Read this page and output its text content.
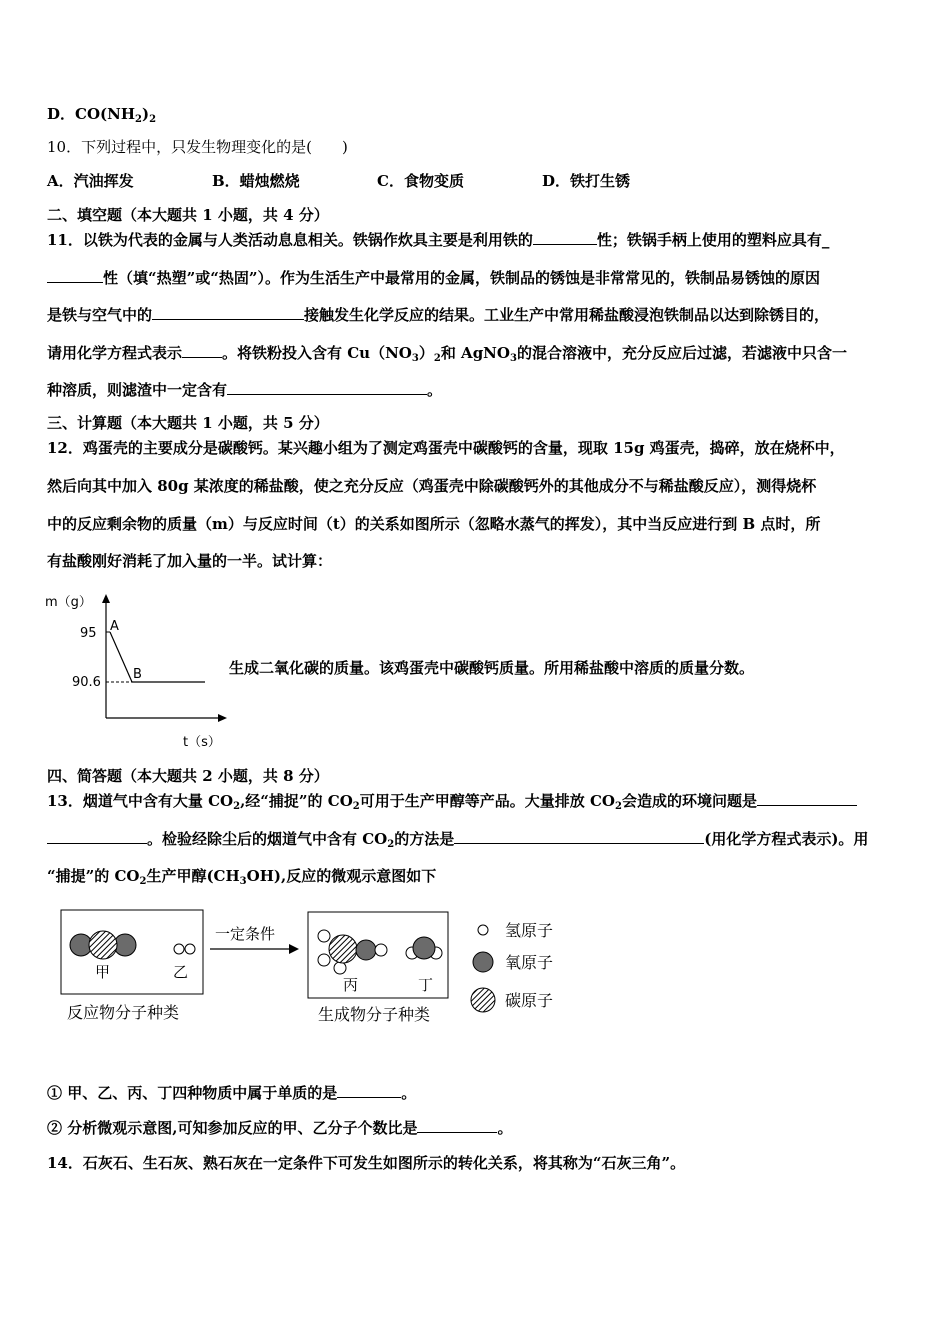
D．$CO(NH_2)_2$
10．下列过程中，只发生物理变化的是(　　)
A．汽油挥发	B．蜡烛燃烧	C．食物变质	D．铁打生锈
二、填空题（本大题共 1 小题，共 4 分）
11．以铁为代表的金属与人类活动息息相关。铁锅作炊具主要是利用铁的	性；铁锅手柄上使用的塑料应具有_
性（填“热塑”或“热固”）。作为生活生产中最常用的金属，铁制品的锈蚀是非常常见的，铁制品易锈蚀的原因
是铁与空气中的	接触发生化学反应的结果。工业生产中常用稀盐酸浸泡铁制品以达到除锈目的，
请用化学方程式表示	。将铁粉投入含有 $Cu(NO_3)_2$和 AgNO$_3$的混合溶液中，充分反应后过滤，若滤液中只含一
种溶质，则滤渣中一定含有	。
三、计算题（本大题共 1 小题，共 5 分）
12．鸡蛋壳的主要成分是碳酸钙。某兴趣小组为了测定鸡蛋壳中碳酸钙的含量，现取 15g 鸡蛋壳，捣碎，放在烧杯中，
然后向其中加入 80g 某浓度的稀盐酸，使之充分反应（鸡蛋壳中除碳酸钙外的其他成分不与稀盐酸反应），测得烧杯
中的反应剩余物的质量（m）与反应时间（t）的关系如图所示（忽略水蒸气的挥发），其中当反应进行到 B 点时，所
有盐酸刚好消耗了加入量的一半。试计算：
m（g）
95
90.6
A
B
t（s）
生成二氧化碳的质量。该鸡蛋壳中碳酸钙质量。所用稀盐酸中溶质的质量分数。
四、简答题（本大题共 2 小题，共 8 分）
13．烟道气中含有大量 $CO_2$,经“捕捉”的 $CO_2$可用于生产甲醇等产品。大量排放 $CO_2$会造成的环境问题是
。检验经除尘后的烟道气中含有 $CO_2$的方法是	(用化学方程式表示)。用
“捕提”的 $CO_2$生产甲醇$(CH_3OH)$,反应的微观示意图如下
甲	乙
反应物分子种类
一定条件
丙	丁
生成物分子种类
氢原子
氧原子
碳原子
① 甲、乙、丙、丁四种物质中属于单质的是	。
② 分析微观示意图,可知参加反应的甲、乙分子个数比是	。
14．石灰石、生石灰、熟石灰在一定条件下可发生如图所示的转化关系，将其称为“石灰三角”。
